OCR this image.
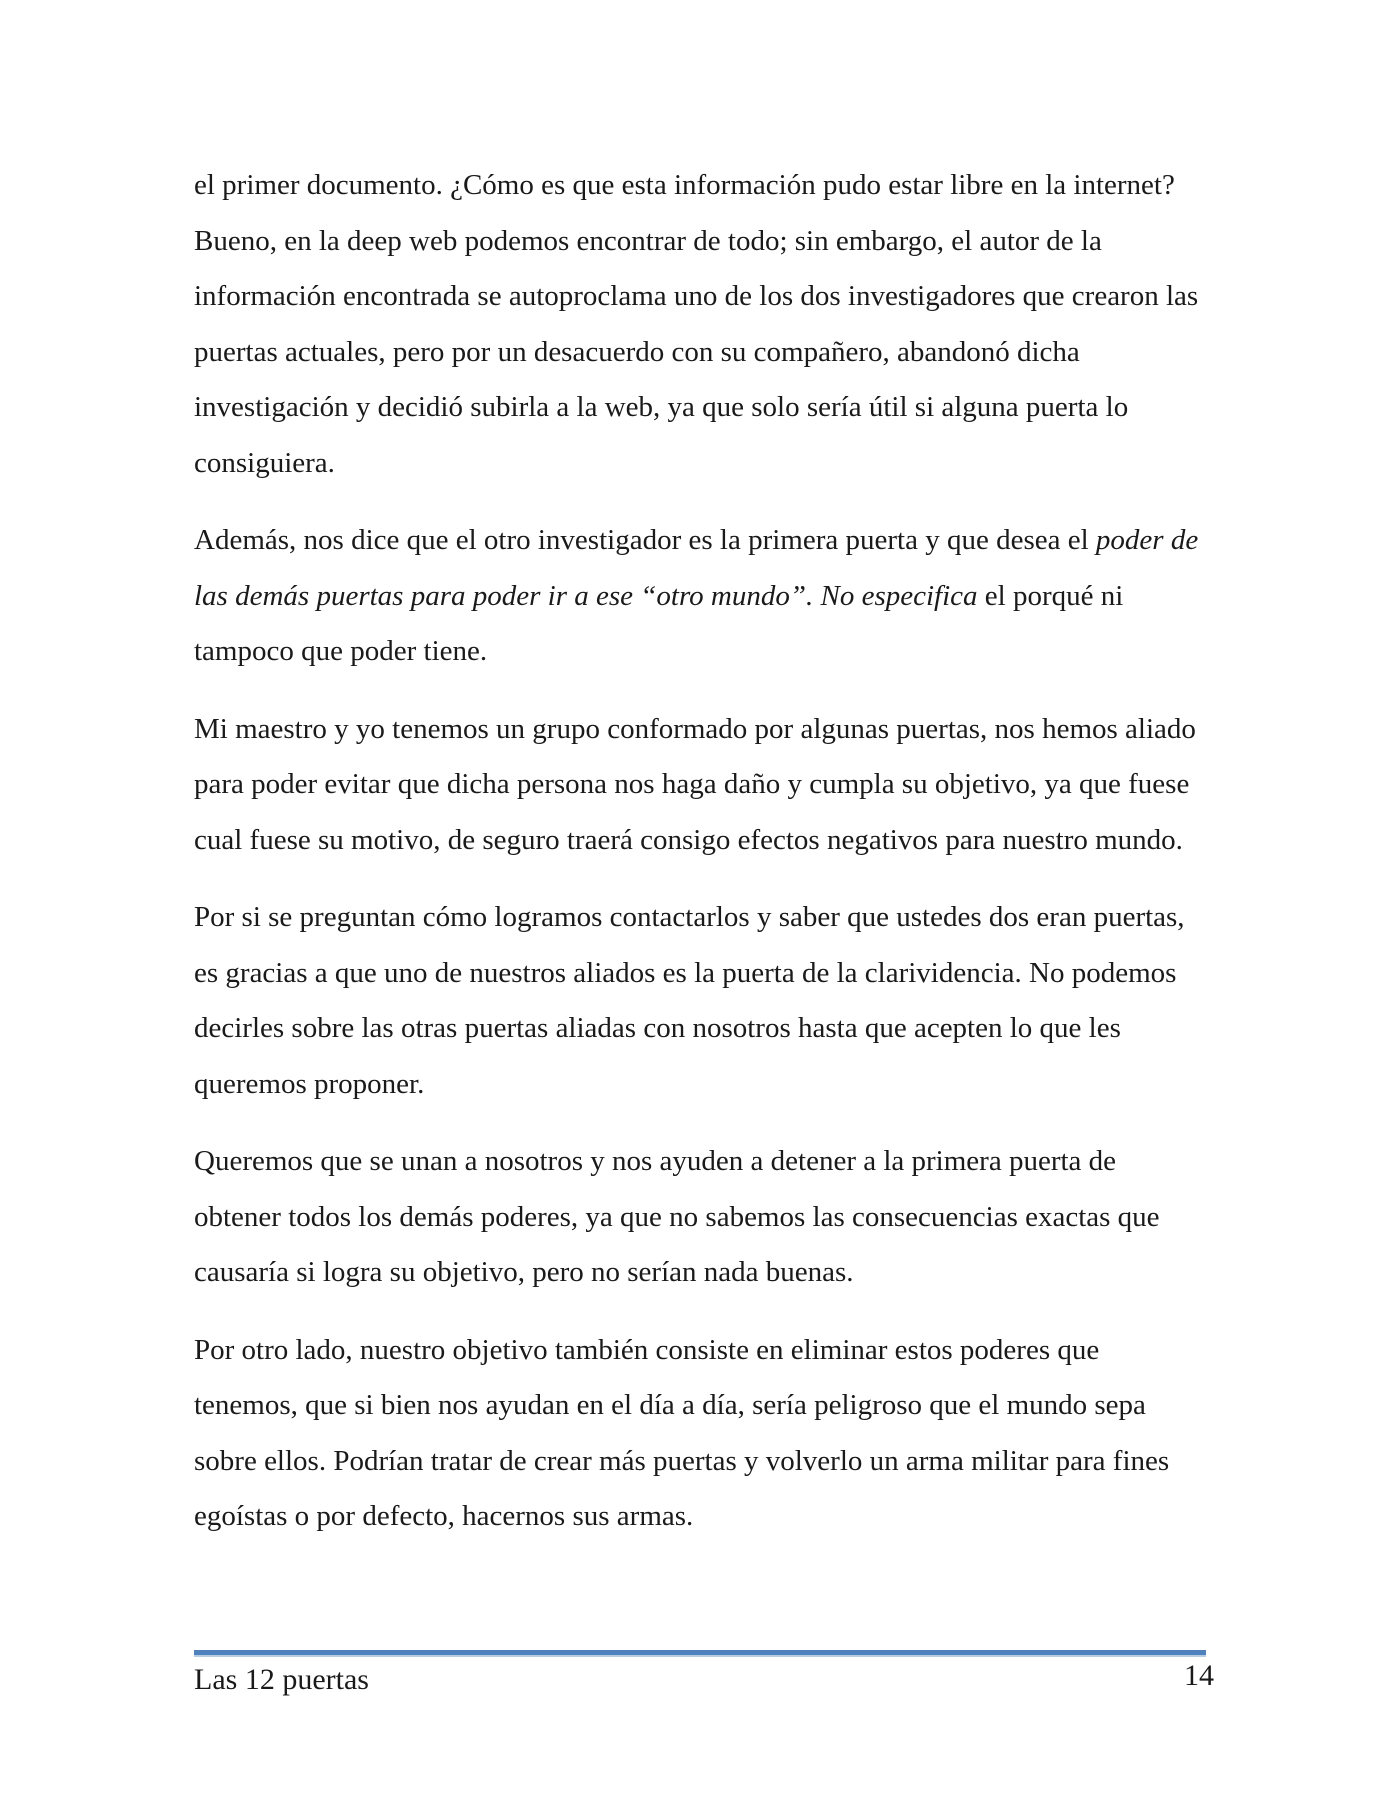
el primer documento. ¿Cómo es que esta información pudo estar libre en la internet? Bueno, en la deep web podemos encontrar de todo; sin embargo, el autor de la información encontrada se autoproclama uno de los dos investigadores que crearon las puertas actuales, pero por un desacuerdo con su compañero, abandonó dicha investigación y decidió subirla a la web, ya que solo sería útil si alguna puerta lo consiguiera.

Además, nos dice que el otro investigador es la primera puerta y que desea el poder de las demás puertas para poder ir a ese “otro mundo”. No especifica el porqué ni tampoco que poder tiene.

Mi maestro y yo tenemos un grupo conformado por algunas puertas, nos hemos aliado para poder evitar que dicha persona nos haga daño y cumpla su objetivo, ya que fuese cual fuese su motivo, de seguro traerá consigo efectos negativos para nuestro mundo.

Por si se preguntan cómo logramos contactarlos y saber que ustedes dos eran puertas, es gracias a que uno de nuestros aliados es la puerta de la clarividencia. No podemos decirles sobre las otras puertas aliadas con nosotros hasta que acepten lo que les queremos proponer.

Queremos que se unan a nosotros y nos ayuden a detener a la primera puerta de obtener todos los demás poderes, ya que no sabemos las consecuencias exactas que causaría si logra su objetivo, pero no serían nada buenas.

Por otro lado, nuestro objetivo también consiste en eliminar estos poderes que tenemos, que si bien nos ayudan en el día a día, sería peligroso que el mundo sepa sobre ellos. Podrían tratar de crear más puertas y volverlo un arma militar para fines egoístas o por defecto, hacernos sus armas.

Las 12 puertas	14
